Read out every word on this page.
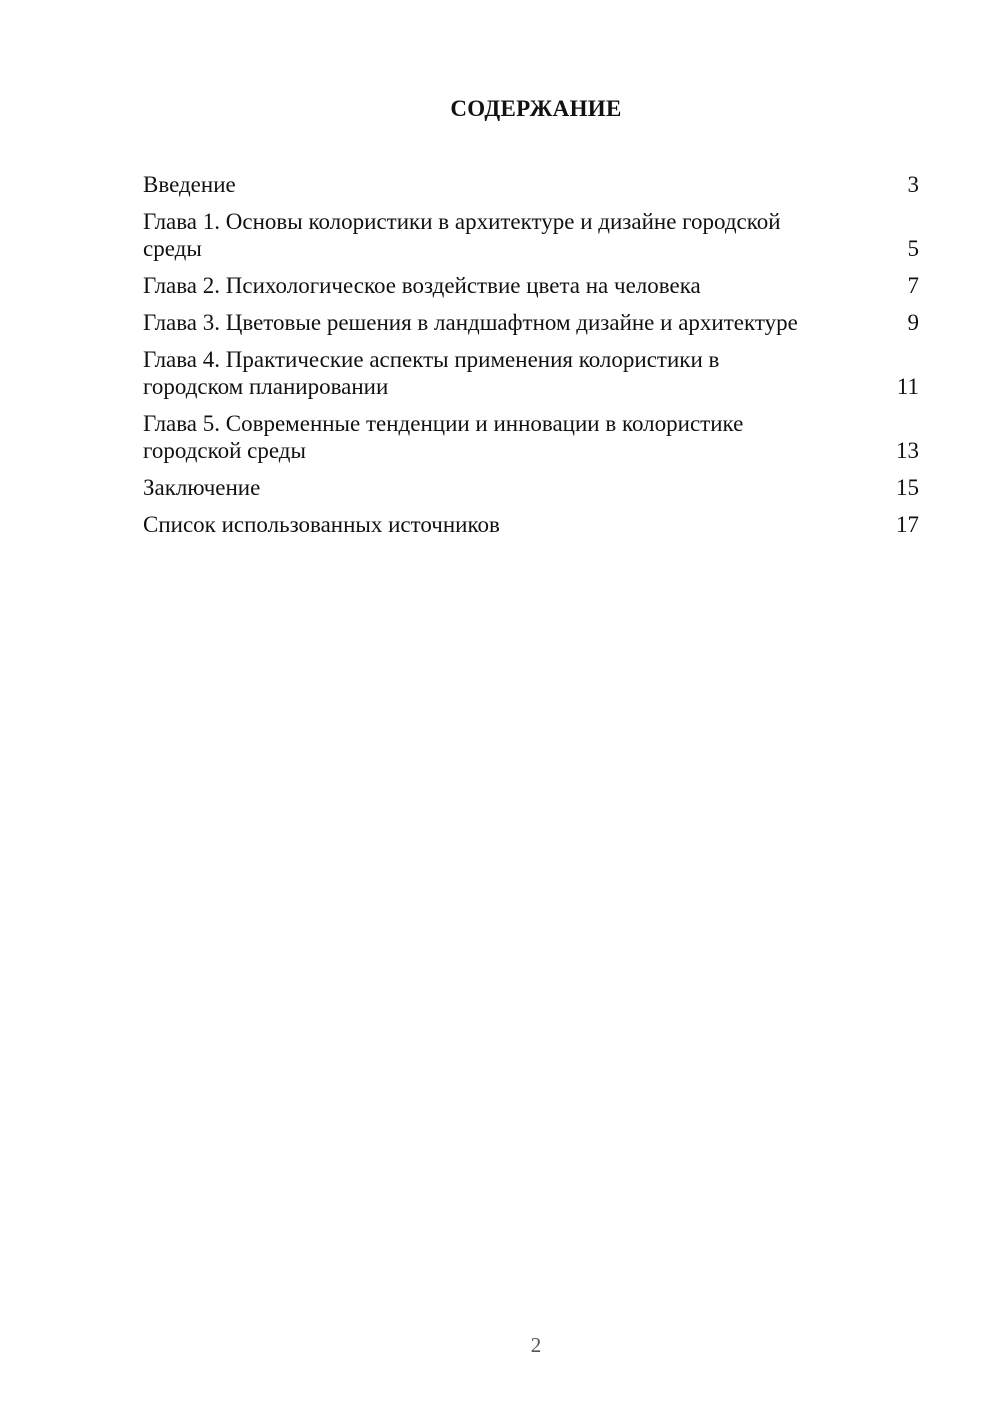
СОДЕРЖАНИЕ
Введение	3
Глава 1. Основы колористики в архитектуре и дизайне городской среды	5
Глава 2. Психологическое воздействие цвета на человека	7
Глава 3. Цветовые решения в ландшафтном дизайне и архитектуре	9
Глава 4. Практические аспекты применения колористики в городском планировании	11
Глава 5. Современные тенденции и инновации в колористике городской среды	13
Заключение	15
Список использованных источников	17
2
